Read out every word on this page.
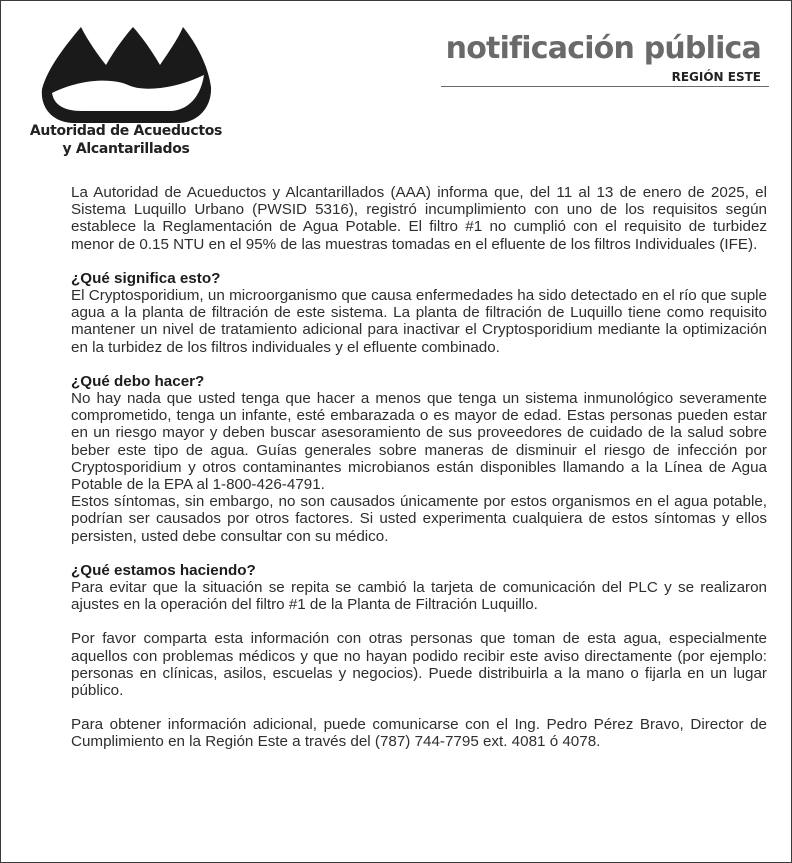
Autoridad de Acueductos
y Alcantarillados
notificación pública
REGIÓN ESTE

La Autoridad de Acueductos y Alcantarillados (AAA) informa que, del 11 al 13 de enero de 2025, el Sistema Luquillo Urbano (PWSID 5316), registró incumplimiento con uno de los requisitos según establece la Reglamentación de Agua Potable. El filtro #1 no cumplió con el requisito de turbidez menor de 0.15 NTU en el 95% de las muestras tomadas en el efluente de los filtros Individuales (IFE).

¿Qué significa esto?

El Cryptosporidium, un microorganismo que causa enfermedades ha sido detectado en el río que suple agua a la planta de filtración de este sistema. La planta de filtración de Luquillo tiene como requisito mantener un nivel de tratamiento adicional para inactivar el Cryptosporidium mediante la optimización en la turbidez de los filtros individuales y el efluente combinado.

¿Qué debo hacer?

No hay nada que usted tenga que hacer a menos que tenga un sistema inmunológico severamente comprometido, tenga un infante, esté embarazada o es mayor de edad. Estas personas pueden estar en un riesgo mayor y deben buscar asesoramiento de sus proveedores de cuidado de la salud sobre beber este tipo de agua. Guías generales sobre maneras de disminuir el riesgo de infección por Cryptosporidium y otros contaminantes microbianos están disponibles llamando a la Línea de Agua Potable de la EPA al 1-800-426-4791.

Estos síntomas, sin embargo, no son causados únicamente por estos organismos en el agua potable, podrían ser causados por otros factores. Si usted experimenta cualquiera de estos síntomas y ellos persisten, usted debe consultar con su médico.

¿Qué estamos haciendo?

Para evitar que la situación se repita se cambió la tarjeta de comunicación del PLC y se realizaron ajustes en la operación del filtro #1 de la Planta de Filtración Luquillo.

Por favor comparta esta información con otras personas que toman de esta agua, especialmente aquellos con problemas médicos y que no hayan podido recibir este aviso directamente (por ejemplo: personas en clínicas, asilos, escuelas y negocios). Puede distribuirla a la mano o fijarla en un lugar público.

Para obtener información adicional, puede comunicarse con el Ing. Pedro Pérez Bravo, Director de Cumplimiento en la Región Este a través del (787) 744-7795 ext. 4081 ó 4078.
